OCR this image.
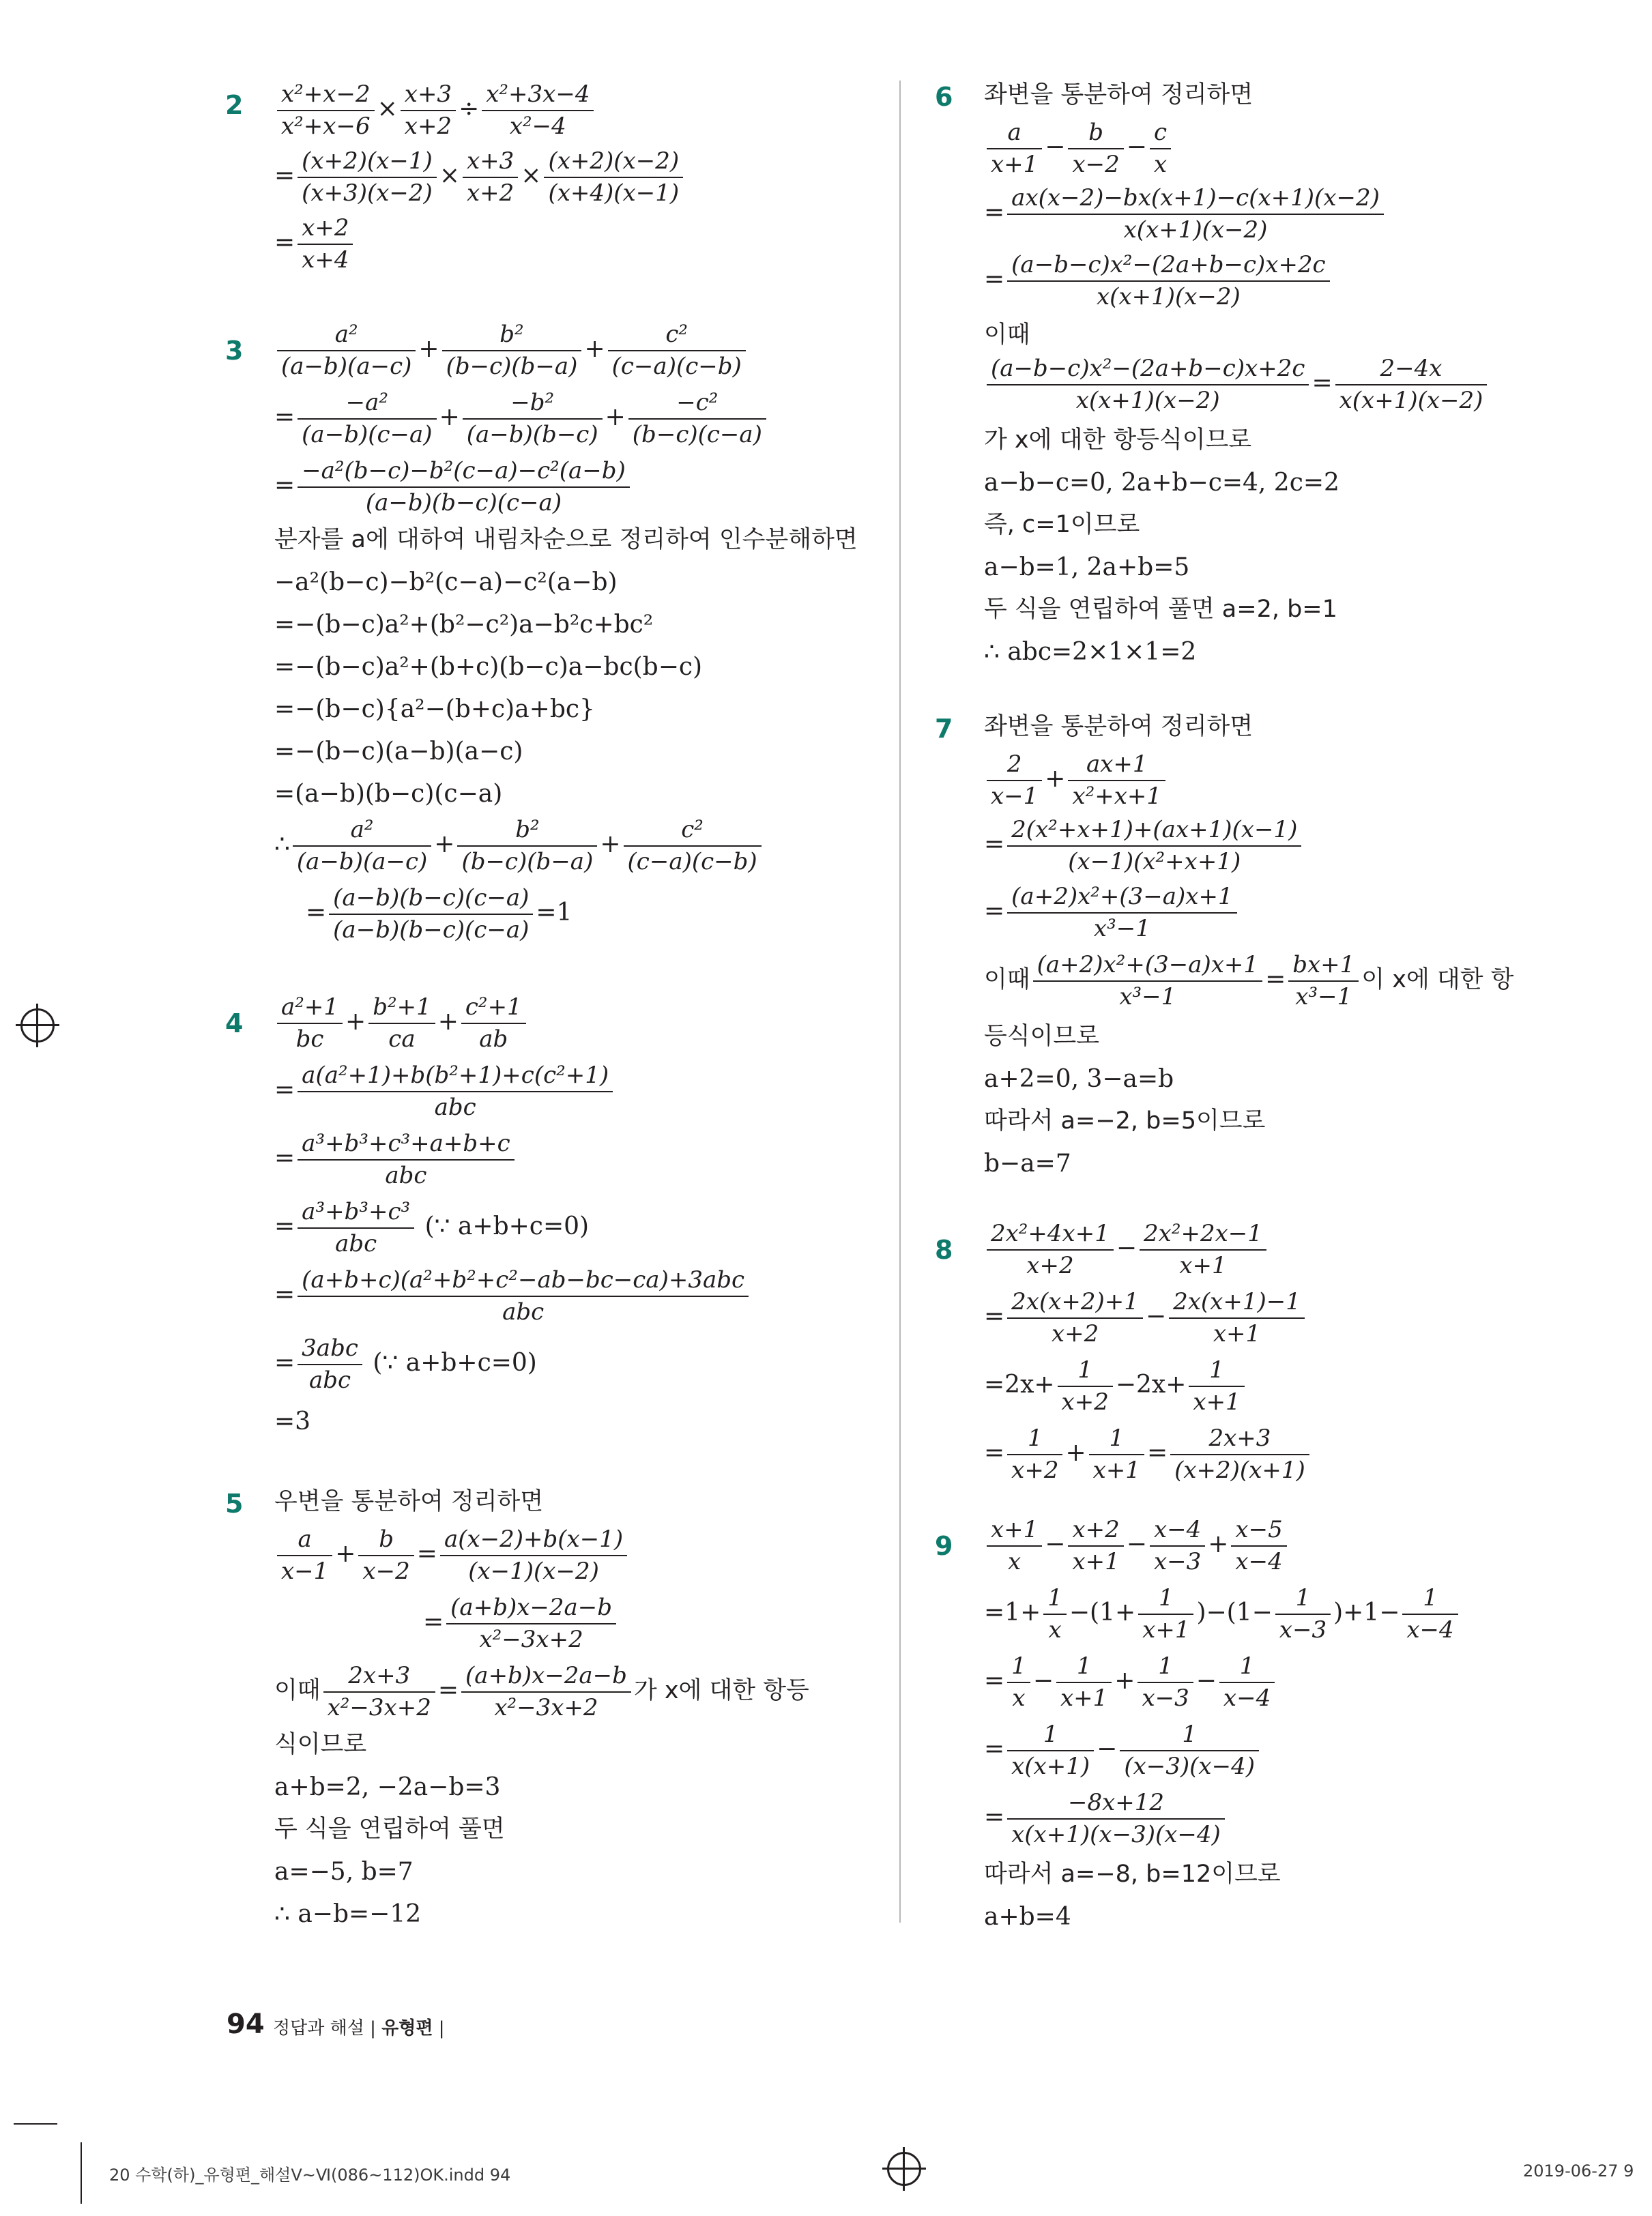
$2 \frac{\text{x²+x−2}}{\text{x²+x−6}} \times \frac{x+3}{x+2} \div \frac{\text{x²+3x−4}}{\text{x²−4}}$
= $\frac{(x+2)(x-1)}{(x+3)(x-2)} \times \frac{x+3}{x+2} \times \frac{(x+2)(x-2)}{(x+4)(x-1)}$
= $\frac{x+2}{x+4}$
$3 \frac{\text{a²}}{(a-b)(a-c)} + \frac{\text{b²}}{(b-c)(b-a)} + \frac{\text{c²}}{(c-a)(c-b)}$
= $\frac{\text{−a²}}{(a-b)(c-a)} + \frac{\text{−b²}}{(a-b)(b-c)} + \frac{\text{−c²}}{(b-c)(c-a)}$
= $\frac{\text{−a²(b−c)−b²(c−a)−c²(a−b)}}{(a-b)(b-c)(c-a)}$
분자를 a에 대하여 내림차순으로 정리하여 인수분해하면
−a²(b−c)−b²(c−a)−c²(a−b)
=−(b−c)a²+(b²−c²)a−b²c+bc²
=−(b−c)a²+(b+c)(b−c)a−bc(b−c)
=−(b−c){a²−(b+c)a+bc}
=−(b−c)(a−b)(a−c)
=(a−b)(b−c)(c−a)
∴ $\frac{\text{a²}}{(a-b)(a-c)} + \frac{\text{b²}}{(b-c)(b-a)} + \frac{\text{c²}}{(c-a)(c-b)}$
= $\frac{(a-b)(b-c)(c-a)}{(a-b)(b-c)(c-a)} =1$
$4 \frac{\text{a²+1}}{bc} + \frac{\text{b²+1}}{ca} + \frac{\text{c²+1}}{ab}$
= $\frac{\text{a(a²+1)+b(b²+1)+c(c²+1)}}{\text{abc}}$
= $\frac{\text{a³+b³+c³+a+b+c}}{\text{abc}}$
= $\frac{\text{a³+b³+c³}}{\text{abc}}$ (∵ a+b+c=0)
= $\frac{\text{(a+b+c)(a²+b²+c²−ab−bc−ca)+3abc}}{\text{abc}}$
= $\frac{\text{3abc}}{\text{abc}}$ (∵ a+b+c=0)
=3
5 우변을 통분하여 정리하면
$\frac{a}{x-1} + \frac{b}{x-2} = \frac{a(x-2)+b(x-1)}{(x-1)(x-2)}$
= $\frac{(a+b)x-2a-b}{\text{x²−3x+2}}$
이때 $\frac{2x+3}{\text{x²−3x+2}} = \frac{(a+b)x-2a-b}{\text{x²−3x+2}}$ 가 x에 대한 항등
식이므로
a+b=2, −2a−b=3
두 식을 연립하여 풀면
a=−5, b=7
∴ a−b=−12
6 좌변을 통분하여 정리하면
$\frac{a}{x+1} - \frac{b}{x-2} - \frac{c}{x}$
= $\frac{ax(x-2)-bx(x+1)-c(x+1)(x-2)}{x(x+1)(x-2)}$
= $\frac{\text{(a−b−c)x²−(2a+b−c)x+2c}}{x(x+1)(x-2)}$
이때
$\frac{\text{(a−b−c)x²−(2a+b−c)x+2c}}{x(x+1)(x-2)} = \frac{2-4x}{x(x+1)(x-2)}$
가 x에 대한 항등식이므로
a−b−c=0, 2a+b−c=4, 2c=2
즉, c=1이므로
a−b=1, 2a+b=5
두 식을 연립하여 풀면 a=2, b=1
∴ abc=2×1×1=2
7 좌변을 통분하여 정리하면
$\frac{2}{x-1} + \frac{ax+1}{\text{x²+x+1}}$
= $\frac{\text{2(x²+x+1)+(ax+1)(x−1)}}{\text{(x−1)(x²+x+1)}}$
= $\frac{\text{(a+2)x²+(3−a)x+1}}{\text{x³−1}}$
이때 $\frac{\text{(a+2)x²+(3−a)x+1}}{\text{x³−1}} = \frac{bx+1}{\text{x³−1}}$ 이 x에 대한 항
등식이므로
a+2=0, 3−a=b
따라서 a=−2, b=5이므로
b−a=7
$8 \frac{\text{2x²+4x+1}}{x+2} - \frac{\text{2x²+2x−1}}{x+1}$
= $\frac{2x(x+2)+1}{x+2} - \frac{2x(x+1)-1}{x+1}$
$=2x+ \frac{1}{x+2} -2x+ \frac{1}{x+1}$
= $\frac{1}{x+2} + \frac{1}{x+1} = \frac{2x+3}{(x+2)(x+1)}$
$9 \frac{x+1}{x} - \frac{x+2}{x+1} - \frac{x-4}{x-3} + \frac{x-5}{x-4}$
$=1+ \frac{1}{x} -(1+ \frac{1}{x+1} )-(1- \frac{1}{x-3} )+1- \frac{1}{x-4}$
= $\frac{1}{x} - \frac{1}{x+1} + \frac{1}{x-3} - \frac{1}{x-4}$
= $\frac{1}{x(x+1)} - \frac{1}{(x-3)(x-4)}$
= $\frac{-8x+12}{x(x+1)(x-3)(x-4)}$
따라서 a=−8, b=12이므로
a+b=4
94 정답과 해설 | 유형편 |
20 수학(하)_유형편_해설Ⅴ~Ⅵ(086~112)OK.indd 94	2019-06-27 9
